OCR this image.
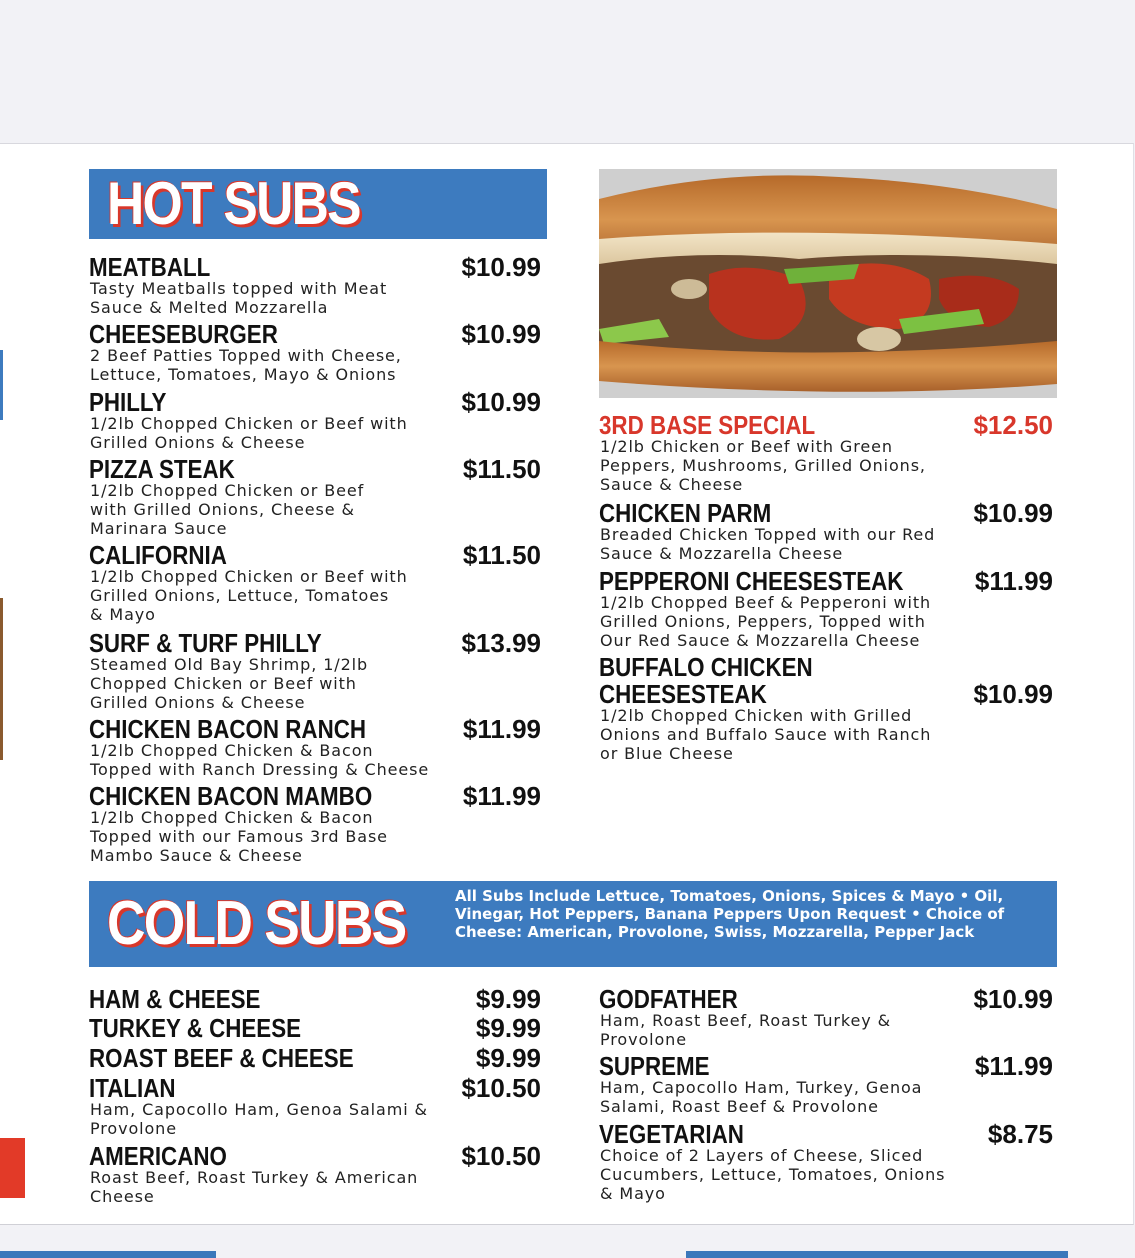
HOT SUBS
MEATBALL	$10.99
Tasty Meatballs topped with Meat
Sauce & Melted Mozzarella
CHEESEBURGER	$10.99
2 Beef Patties Topped with Cheese,
Lettuce, Tomatoes, Mayo & Onions
PHILLY	$10.99
1/2lb Chopped Chicken or Beef with
Grilled Onions & Cheese
PIZZA STEAK	$11.50
1/2lb Chopped Chicken or Beef
with Grilled Onions, Cheese &
Marinara Sauce
CALIFORNIA	$11.50
1/2lb Chopped Chicken or Beef with
Grilled Onions, Lettuce, Tomatoes
& Mayo
SURF & TURF PHILLY	$13.99
Steamed Old Bay Shrimp, 1/2lb
Chopped Chicken or Beef with
Grilled Onions & Cheese
CHICKEN BACON RANCH	$11.99
1/2lb Chopped Chicken & Bacon
Topped with Ranch Dressing & Cheese
CHICKEN BACON MAMBO	$11.99
1/2lb Chopped Chicken & Bacon
Topped with our Famous 3rd Base
Mambo Sauce & Cheese
3RD BASE SPECIAL	$12.50
1/2lb Chicken or Beef with Green
Peppers, Mushrooms, Grilled Onions,
Sauce & Cheese
CHICKEN PARM	$10.99
Breaded Chicken Topped with our Red
Sauce & Mozzarella Cheese
PEPPERONI CHEESESTEAK	$11.99
1/2lb Chopped Beef & Pepperoni with
Grilled Onions, Peppers, Topped with
Our Red Sauce & Mozzarella Cheese
BUFFALO CHICKEN
CHEESESTEAK	$10.99
1/2lb Chopped Chicken with Grilled
Onions and Buffalo Sauce with Ranch
or Blue Cheese
COLD SUBS	All Subs Include Lettuce, Tomatoes, Onions, Spices & Mayo • Oil, Vinegar, Hot Peppers, Banana Peppers Upon Request • Choice of Cheese: American, Provolone, Swiss, Mozzarella, Pepper Jack
HAM & CHEESE	$9.99
TURKEY & CHEESE	$9.99
ROAST BEEF & CHEESE	$9.99
ITALIAN	$10.50
Ham, Capocollo Ham, Genoa Salami &
Provolone
AMERICANO	$10.50
Roast Beef, Roast Turkey & American
Cheese
GODFATHER	$10.99
Ham, Roast Beef, Roast Turkey &
Provolone
SUPREME	$11.99
Ham, Capocollo Ham, Turkey, Genoa
Salami, Roast Beef & Provolone
VEGETARIAN	$8.75
Choice of 2 Layers of Cheese, Sliced
Cucumbers, Lettuce, Tomatoes, Onions
& Mayo
